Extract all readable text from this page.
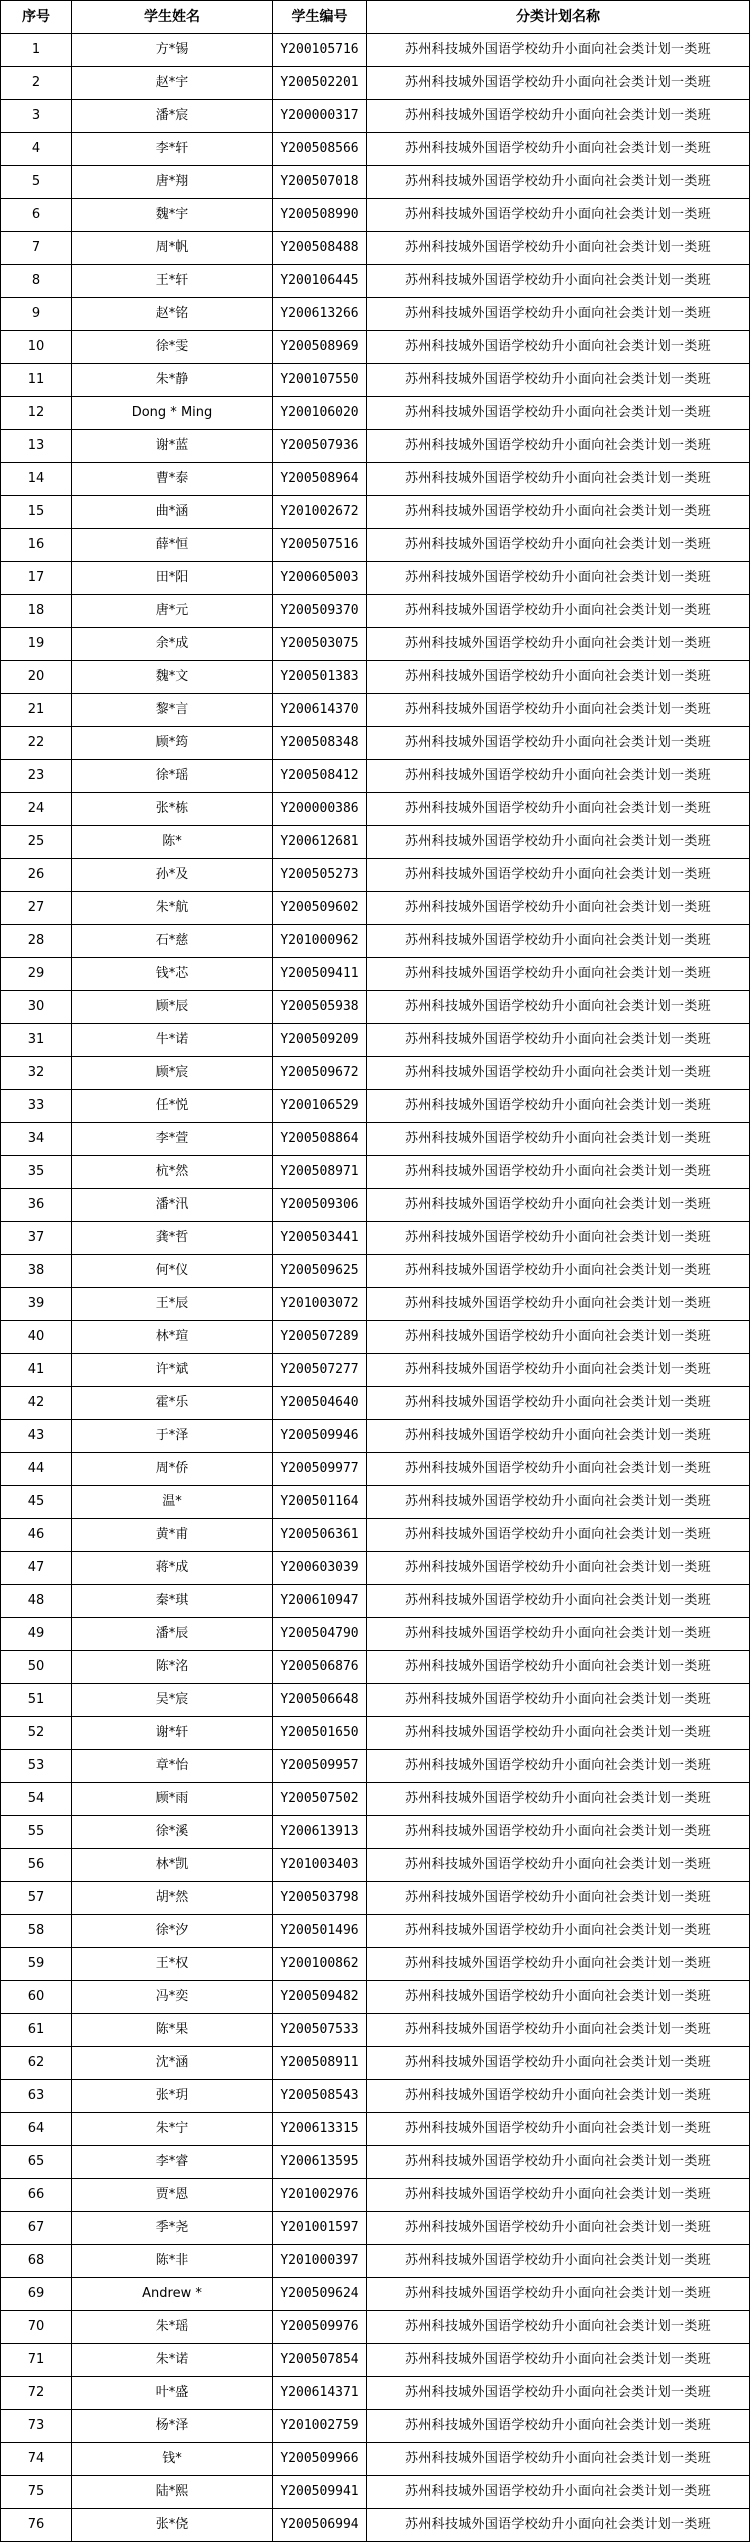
序号	学生姓名	学生编号	分类计划名称
1	方*锡	Y200105716	苏州科技城外国语学校幼升小面向社会类计划一类班
2	赵*宇	Y200502201	苏州科技城外国语学校幼升小面向社会类计划一类班
3	潘*宸	Y200000317	苏州科技城外国语学校幼升小面向社会类计划一类班
4	李*轩	Y200508566	苏州科技城外国语学校幼升小面向社会类计划一类班
5	唐*翔	Y200507018	苏州科技城外国语学校幼升小面向社会类计划一类班
6	魏*宇	Y200508990	苏州科技城外国语学校幼升小面向社会类计划一类班
7	周*帆	Y200508488	苏州科技城外国语学校幼升小面向社会类计划一类班
8	王*轩	Y200106445	苏州科技城外国语学校幼升小面向社会类计划一类班
9	赵*铭	Y200613266	苏州科技城外国语学校幼升小面向社会类计划一类班
10	徐*雯	Y200508969	苏州科技城外国语学校幼升小面向社会类计划一类班
11	朱*静	Y200107550	苏州科技城外国语学校幼升小面向社会类计划一类班
12	Dong * Ming	Y200106020	苏州科技城外国语学校幼升小面向社会类计划一类班
13	谢*蓝	Y200507936	苏州科技城外国语学校幼升小面向社会类计划一类班
14	曹*泰	Y200508964	苏州科技城外国语学校幼升小面向社会类计划一类班
15	曲*涵	Y201002672	苏州科技城外国语学校幼升小面向社会类计划一类班
16	薛*恒	Y200507516	苏州科技城外国语学校幼升小面向社会类计划一类班
17	田*阳	Y200605003	苏州科技城外国语学校幼升小面向社会类计划一类班
18	唐*元	Y200509370	苏州科技城外国语学校幼升小面向社会类计划一类班
19	余*成	Y200503075	苏州科技城外国语学校幼升小面向社会类计划一类班
20	魏*文	Y200501383	苏州科技城外国语学校幼升小面向社会类计划一类班
21	黎*言	Y200614370	苏州科技城外国语学校幼升小面向社会类计划一类班
22	顾*筠	Y200508348	苏州科技城外国语学校幼升小面向社会类计划一类班
23	徐*瑶	Y200508412	苏州科技城外国语学校幼升小面向社会类计划一类班
24	张*栋	Y200000386	苏州科技城外国语学校幼升小面向社会类计划一类班
25	陈*	Y200612681	苏州科技城外国语学校幼升小面向社会类计划一类班
26	孙*及	Y200505273	苏州科技城外国语学校幼升小面向社会类计划一类班
27	朱*航	Y200509602	苏州科技城外国语学校幼升小面向社会类计划一类班
28	石*慈	Y201000962	苏州科技城外国语学校幼升小面向社会类计划一类班
29	钱*芯	Y200509411	苏州科技城外国语学校幼升小面向社会类计划一类班
30	顾*辰	Y200505938	苏州科技城外国语学校幼升小面向社会类计划一类班
31	牛*诺	Y200509209	苏州科技城外国语学校幼升小面向社会类计划一类班
32	顾*宸	Y200509672	苏州科技城外国语学校幼升小面向社会类计划一类班
33	任*悦	Y200106529	苏州科技城外国语学校幼升小面向社会类计划一类班
34	李*萱	Y200508864	苏州科技城外国语学校幼升小面向社会类计划一类班
35	杭*然	Y200508971	苏州科技城外国语学校幼升小面向社会类计划一类班
36	潘*汛	Y200509306	苏州科技城外国语学校幼升小面向社会类计划一类班
37	龚*哲	Y200503441	苏州科技城外国语学校幼升小面向社会类计划一类班
38	何*仪	Y200509625	苏州科技城外国语学校幼升小面向社会类计划一类班
39	王*辰	Y201003072	苏州科技城外国语学校幼升小面向社会类计划一类班
40	林*瑄	Y200507289	苏州科技城外国语学校幼升小面向社会类计划一类班
41	许*斌	Y200507277	苏州科技城外国语学校幼升小面向社会类计划一类班
42	霍*乐	Y200504640	苏州科技城外国语学校幼升小面向社会类计划一类班
43	于*泽	Y200509946	苏州科技城外国语学校幼升小面向社会类计划一类班
44	周*侨	Y200509977	苏州科技城外国语学校幼升小面向社会类计划一类班
45	温*	Y200501164	苏州科技城外国语学校幼升小面向社会类计划一类班
46	黄*甫	Y200506361	苏州科技城外国语学校幼升小面向社会类计划一类班
47	蒋*成	Y200603039	苏州科技城外国语学校幼升小面向社会类计划一类班
48	秦*琪	Y200610947	苏州科技城外国语学校幼升小面向社会类计划一类班
49	潘*辰	Y200504790	苏州科技城外国语学校幼升小面向社会类计划一类班
50	陈*洺	Y200506876	苏州科技城外国语学校幼升小面向社会类计划一类班
51	吴*宸	Y200506648	苏州科技城外国语学校幼升小面向社会类计划一类班
52	谢*轩	Y200501650	苏州科技城外国语学校幼升小面向社会类计划一类班
53	章*怡	Y200509957	苏州科技城外国语学校幼升小面向社会类计划一类班
54	顾*雨	Y200507502	苏州科技城外国语学校幼升小面向社会类计划一类班
55	徐*溪	Y200613913	苏州科技城外国语学校幼升小面向社会类计划一类班
56	林*凯	Y201003403	苏州科技城外国语学校幼升小面向社会类计划一类班
57	胡*然	Y200503798	苏州科技城外国语学校幼升小面向社会类计划一类班
58	徐*汐	Y200501496	苏州科技城外国语学校幼升小面向社会类计划一类班
59	王*权	Y200100862	苏州科技城外国语学校幼升小面向社会类计划一类班
60	冯*奕	Y200509482	苏州科技城外国语学校幼升小面向社会类计划一类班
61	陈*果	Y200507533	苏州科技城外国语学校幼升小面向社会类计划一类班
62	沈*涵	Y200508911	苏州科技城外国语学校幼升小面向社会类计划一类班
63	张*玥	Y200508543	苏州科技城外国语学校幼升小面向社会类计划一类班
64	朱*宁	Y200613315	苏州科技城外国语学校幼升小面向社会类计划一类班
65	李*睿	Y200613595	苏州科技城外国语学校幼升小面向社会类计划一类班
66	贾*恩	Y201002976	苏州科技城外国语学校幼升小面向社会类计划一类班
67	季*尧	Y201001597	苏州科技城外国语学校幼升小面向社会类计划一类班
68	陈*非	Y201000397	苏州科技城外国语学校幼升小面向社会类计划一类班
69	Andrew *	Y200509624	苏州科技城外国语学校幼升小面向社会类计划一类班
70	朱*瑶	Y200509976	苏州科技城外国语学校幼升小面向社会类计划一类班
71	朱*诺	Y200507854	苏州科技城外国语学校幼升小面向社会类计划一类班
72	叶*盛	Y200614371	苏州科技城外国语学校幼升小面向社会类计划一类班
73	杨*泽	Y201002759	苏州科技城外国语学校幼升小面向社会类计划一类班
74	钱*	Y200509966	苏州科技城外国语学校幼升小面向社会类计划一类班
75	陆*熙	Y200509941	苏州科技城外国语学校幼升小面向社会类计划一类班
76	张*侥	Y200506994	苏州科技城外国语学校幼升小面向社会类计划一类班
